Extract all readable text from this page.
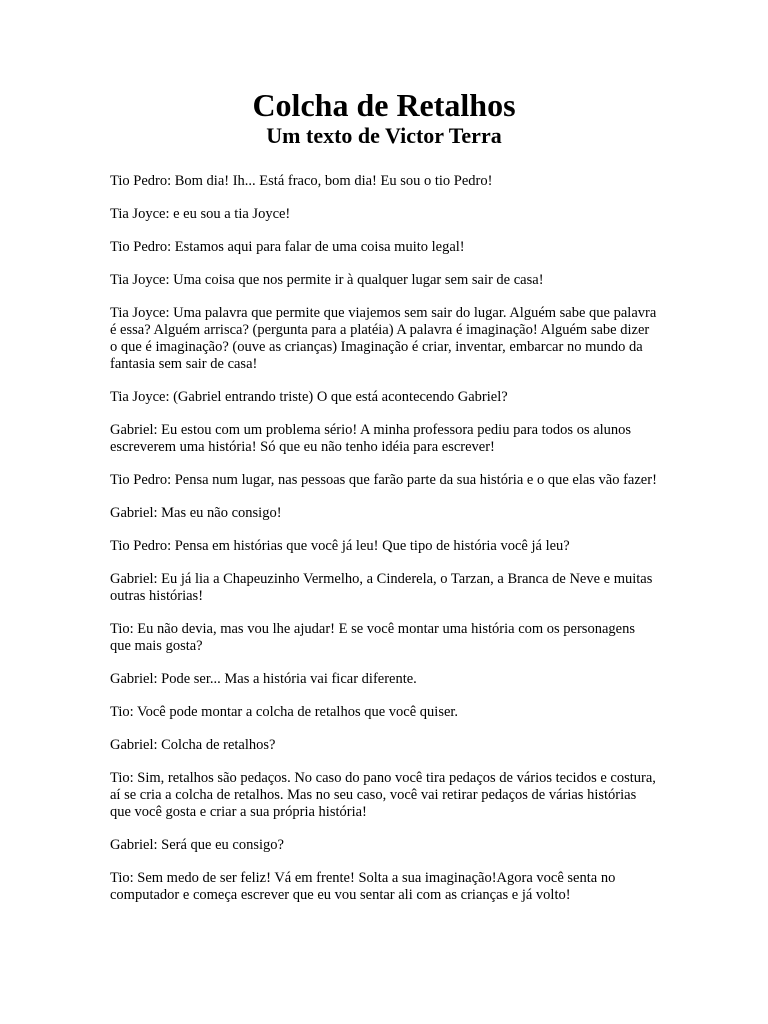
Colcha de Retalhos
Um texto de Victor Terra

Tio Pedro: Bom dia! Ih... Está fraco, bom dia! Eu sou o tio Pedro!

Tia Joyce: e eu sou a tia Joyce!

Tio Pedro: Estamos aqui para falar de uma coisa muito legal!

Tia Joyce: Uma coisa que nos permite ir à qualquer lugar sem sair de casa!

Tia Joyce: Uma palavra que permite que viajemos sem sair do lugar. Alguém sabe que palavra é essa? Alguém arrisca? (pergunta para a platéia) A palavra é imaginação! Alguém sabe dizer o que é imaginação? (ouve as crianças) Imaginação é criar, inventar, embarcar no mundo da fantasia sem sair de casa!

Tia Joyce: (Gabriel entrando triste) O que está acontecendo Gabriel?

Gabriel: Eu estou com um problema sério! A minha professora pediu para todos os alunos escreverem uma história! Só que eu não tenho idéia para escrever!

Tio Pedro: Pensa num lugar, nas pessoas que farão parte da sua história e o que elas vão fazer!

Gabriel: Mas eu não consigo!

Tio Pedro: Pensa em histórias que você já leu! Que tipo de história você já leu?

Gabriel: Eu já lia a Chapeuzinho Vermelho, a Cinderela, o Tarzan, a Branca de Neve e muitas outras histórias!

Tio: Eu não devia, mas vou lhe ajudar! E se você montar uma história com os personagens que mais gosta?

Gabriel: Pode ser... Mas a história vai ficar diferente.

Tio: Você pode montar a colcha de retalhos que você quiser.

Gabriel: Colcha de retalhos?

Tio: Sim, retalhos são pedaços. No caso do pano você tira pedaços de vários tecidos e costura, aí se cria a colcha de retalhos. Mas no seu caso, você vai retirar pedaços de várias histórias que você gosta e criar a sua própria história!

Gabriel: Será que eu consigo?

Tio: Sem medo de ser feliz! Vá em frente! Solta a sua imaginação!Agora você senta no computador e começa escrever que eu vou sentar ali com as crianças e já volto!
